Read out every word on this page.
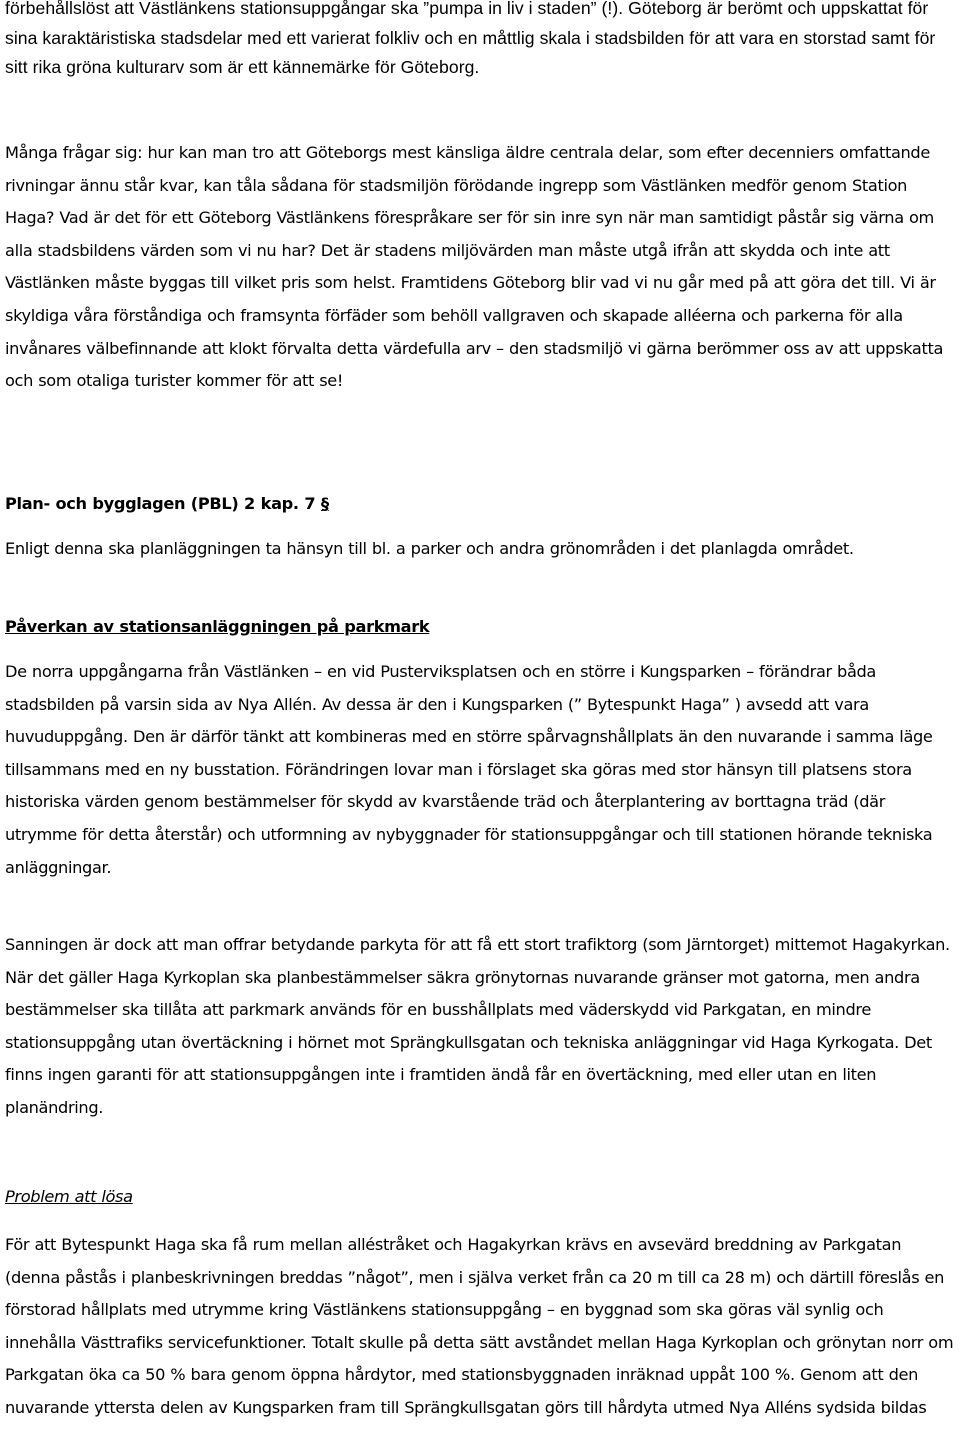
förbehållslöst att Västlänkens stationsuppgångar ska ”pumpa in liv i staden” (!). Göteborg är berömt och uppskattat för sina karaktäristiska stadsdelar med ett varierat folkliv och en måttlig skala i stadsbilden för att vara en storstad samt för sitt rika gröna kulturarv som är ett kännemärke för Göteborg.

Många frågar sig: hur kan man tro att Göteborgs mest känsliga äldre centrala delar, som efter decenniers omfattande rivningar ännu står kvar, kan tåla sådana för stadsmiljön förödande ingrepp som Västlänken medför genom Station Haga? Vad är det för ett Göteborg Västlänkens förespråkare ser för sin inre syn när man samtidigt påstår sig värna om alla stadsbildens värden som vi nu har? Det är stadens miljövärden man måste utgå ifrån att skydda och inte att Västlänken måste byggas till vilket pris som helst. Framtidens Göteborg blir vad vi nu går med på att göra det till. Vi är skyldiga våra förståndiga och framsynta förfäder som behöll vallgraven och skapade alléerna och parkerna för alla invånares välbefinnande att klokt förvalta detta värdefulla arv – den stadsmiljö vi gärna berömmer oss av att uppskatta och som otaliga turister kommer för att se!

Plan- och bygglagen (PBL) 2 kap. 7 §

Enligt denna ska planläggningen ta hänsyn till bl. a parker och andra grönområden i det planlagda området.

Påverkan av stationsanläggningen på parkmark

De norra uppgångarna från Västlänken – en vid Pusterviksplatsen och en större i Kungsparken – förändrar båda stadsbilden på varsin sida av Nya Allén. Av dessa är den i Kungsparken (” Bytespunkt Haga” ) avsedd att vara huvuduppgång. Den är därför tänkt att kombineras med en större spårvagnshållplats än den nuvarande i samma läge tillsammans med en ny busstation. Förändringen lovar man i förslaget ska göras med stor hänsyn till platsens stora historiska värden genom bestämmelser för skydd av kvarstående träd och återplantering av borttagna träd (där utrymme för detta återstår) och utformning av nybyggnader för stationsuppgångar och till stationen hörande tekniska anläggningar.

Sanningen är dock att man offrar betydande parkyta för att få ett stort trafiktorg (som Järntorget) mittemot Hagakyrkan. När det gäller Haga Kyrkoplan ska planbestämmelser säkra grönytornas nuvarande gränser mot gatorna, men andra bestämmelser ska tillåta att parkmark används för en busshållplats med väderskydd vid Parkgatan, en mindre stationsuppgång utan övertäckning i hörnet mot Sprängkullsgatan och tekniska anläggningar vid Haga Kyrkogata. Det finns ingen garanti för att stationsuppgången inte i framtiden ändå får en övertäckning, med eller utan en liten planändring.

Problem att lösa

För att Bytespunkt Haga ska få rum mellan alléstråket och Hagakyrkan krävs en avsevärd breddning av Parkgatan (denna påstås i planbeskrivningen breddas ”något”, men i själva verket från ca 20 m till ca 28 m) och därtill föreslås en förstorad hållplats med utrymme kring Västlänkens stationsuppgång – en byggnad som ska göras väl synlig och innehålla Västtrafiks servicefunktioner. Totalt skulle på detta sätt avståndet mellan Haga Kyrkoplan och grönytan norr om Parkgatan öka ca 50 % bara genom öppna hårdytor, med stationsbyggnaden inräknad uppåt 100 %. Genom att den nuvarande yttersta delen av Kungsparken fram till Sprängkullsgatan görs till hårdyta utmed Nya Alléns sydsida bildas
